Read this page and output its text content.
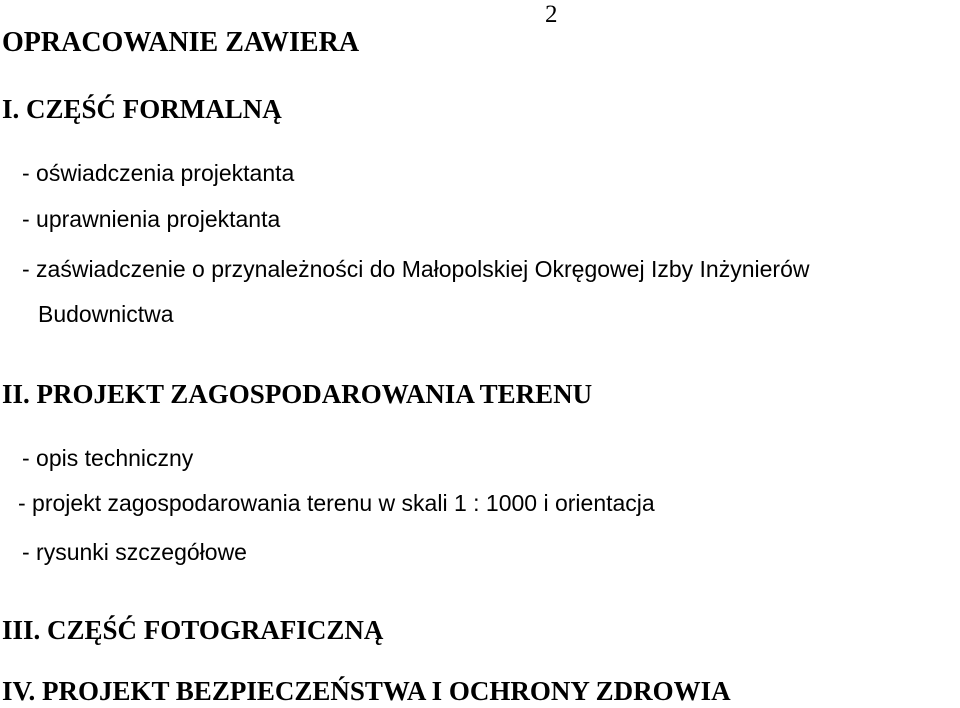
2
OPRACOWANIE ZAWIERA
I. CZĘŚĆ FORMALNĄ
- oświadczenia projektanta
- uprawnienia projektanta
- zaświadczenie o przynależności do Małopolskiej Okręgowej Izby Inżynierów
Budownictwa
II. PROJEKT ZAGOSPODAROWANIA TERENU
- opis techniczny
- projekt zagospodarowania terenu w skali 1 : 1000 i orientacja
- rysunki szczegółowe
III. CZĘŚĆ FOTOGRAFICZNĄ
IV. PROJEKT BEZPIECZEŃSTWA I OCHRONY ZDROWIA
